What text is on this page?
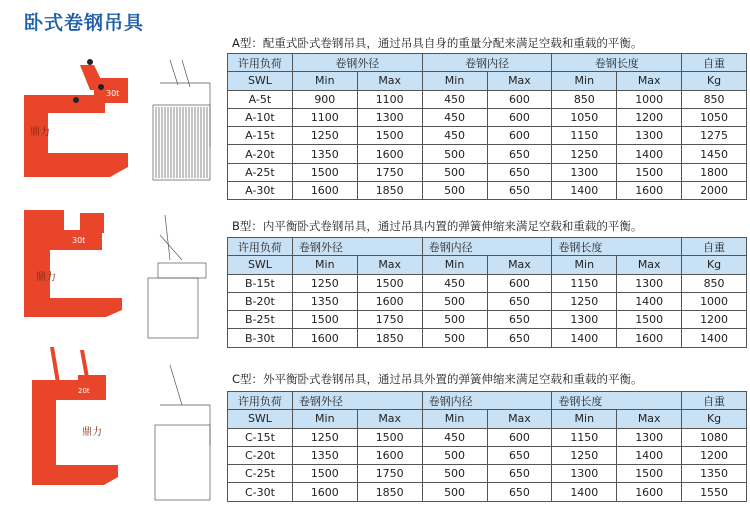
卧式卷钢吊具
30t
鼎力
30t
鼎力
20t
鼎力
A型：配重式卧式卷钢吊具，通过吊具自身的重量分配来满足空载和重载的平衡。
许用负荷	卷钢外径		卷钢内径		卷钢长度		自重
SWL	Min	Max	Min	Max	Min	Max	Kg
A-5t	900	1100	450	600	850	1000	850
A-10t	1100	1300	450	600	1050	1200	1050
A-15t	1250	1500	450	600	1150	1300	1275
A-20t	1350	1600	500	650	1250	1400	1450
A-25t	1500	1750	500	650	1300	1500	1800
A-30t	1600	1850	500	650	1400	1600	2000
B型：内平衡卧式卷钢吊具，通过吊具内置的弹簧伸缩来满足空载和重载的平衡。
许用负荷	卷钢外径		卷钢内径		卷钢长度		自重
SWL	Min	Max	Min	Max	Min	Max	Kg
B-15t	1250	1500	450	600	1150	1300	850
B-20t	1350	1600	500	650	1250	1400	1000
B-25t	1500	1750	500	650	1300	1500	1200
B-30t	1600	1850	500	650	1400	1600	1400
C型：外平衡卧式卷钢吊具，通过吊具外置的弹簧伸缩来满足空载和重载的平衡。
许用负荷	卷钢外径		卷钢内径		卷钢长度		自重
SWL	Min	Max	Min	Max	Min	Max	Kg
C-15t	1250	1500	450	600	1150	1300	1080
C-20t	1350	1600	500	650	1250	1400	1200
C-25t	1500	1750	500	650	1300	1500	1350
C-30t	1600	1850	500	650	1400	1600	1550
